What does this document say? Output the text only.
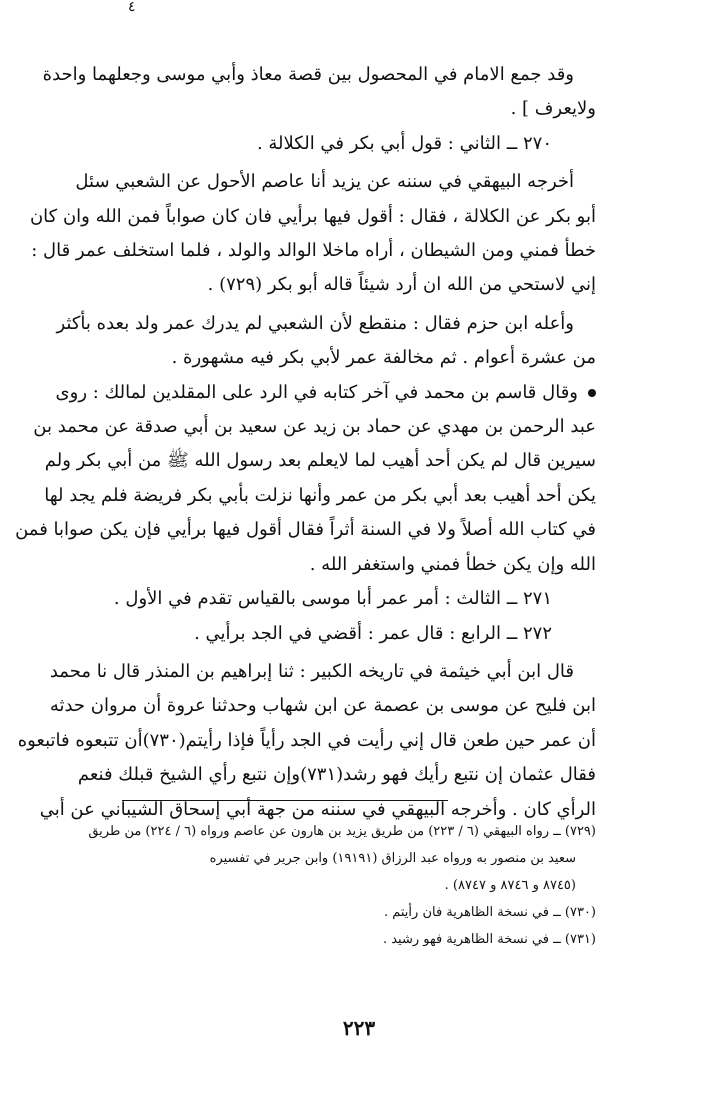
٤
وقد جمع الامام في المحصول بين قصة معاذ وأبي موسى وجعلهما واحدة
ولايعرف ] .
٢٧٠ ــ الثاني : قول أبي بكر في الكلالة .
أخرجه البيهقي في سننه عن يزيد أنا عاصم الأحول عن الشعبي سئل
أبو بكر عن الكلالة ، فقال : أقول فيها برأيي فان كان صواباً فمن الله وان كان
خطأ فمني ومن الشيطان ، أراه ماخلا الوالد والولد ، فلما استخلف عمر قال :
إني لاستحي من الله ان أرد شيئاً قاله أبو بكر (٧٢٩) .
وأعله ابن حزم فقال : منقطع لأن الشعبي لم يدرك عمر ولد بعده بأكثر
من عشرة أعوام . ثم مخالفة عمر لأبي بكر فيه مشهورة .
وقال قاسم بن محمد في آخر كتابه في الرد على المقلدين لمالك : روى
عبد الرحمن بن مهدي عن حماد بن زيد عن سعيد بن أبي صدقة عن محمد بن
سيرين قال لم يكن أحد أهيب لما لايعلم بعد رسول الله ﷺ من أبي بكر ولم
يكن أحد أهيب بعد أبي بكر من عمر وأنها نزلت بأبي بكر فريضة فلم يجد لها
في كتاب الله أصلاً ولا في السنة أثراً فقال أقول فيها برأيي فإن يكن صوابا فمن
الله وإن يكن خطأ فمني واستغفر الله .
٢٧١ ــ الثالث : أمر عمر أبا موسى بالقياس تقدم في الأول .
٢٧٢ ــ الرابع : قال عمر : أقضي في الجد برأيي .
قال ابن أبي خيثمة في تاريخه الكبير : ثنا إبراهيم بن المنذر قال نا محمد
ابن فليح عن موسى بن عصمة عن ابن شهاب وحدثنا عروة أن مروان حدثه
أن عمر حين طعن قال إني رأيت في الجد رأياً فإذا رأيتم(٧٣٠)أن تتبعوه فاتبعوه
فقال عثمان إن نتبع رأيك فهو رشد(٧٣١)وإن نتبع رأي الشيخ قبلك فنعم
الرأي كان . وأخرجه البيهقي في سننه من جهة أبي إسحاق الشيباني عن أبي
(٧٢٩) ــ رواه البيهقي (٦ / ٢٢٣) من طريق يزيد بن هارون عن عاصم ورواه (٦ / ٢٢٤) من طريق
سعيد بن منصور به ورواه عبد الرزاق (١٩١٩١) وابن جرير في تفسيره
(٨٧٤٥ و ٨٧٤٦ و ٨٧٤٧) .
(٧٣٠) ــ في نسخة الظاهرية فان رأيتم .
(٧٣١) ــ في نسخة الظاهرية فهو رشيد .
٢٢٣
